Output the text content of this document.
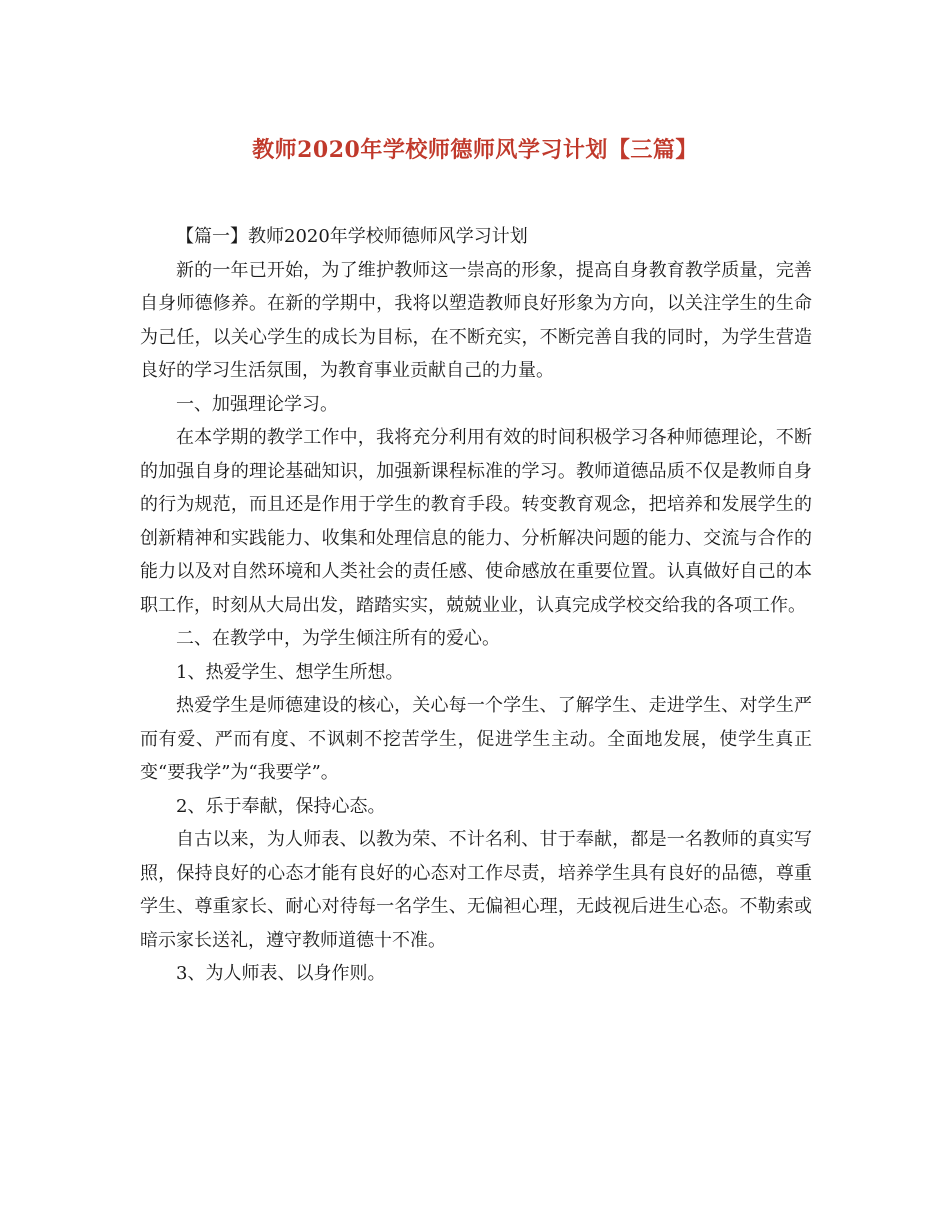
教师2020年学校师德师风学习计划【三篇】

【篇一】教师2020年学校师德师风学习计划

新的一年已开始，为了维护教师这一崇高的形象，提高自身教育教学质量，完善自身师德修养。在新的学期中，我将以塑造教师良好形象为方向，以关注学生的生命为己任，以关心学生的成长为目标，在不断充实，不断完善自我的同时，为学生营造良好的学习生活氛围，为教育事业贡献自己的力量。

一、加强理论学习。

在本学期的教学工作中，我将充分利用有效的时间积极学习各种师德理论，不断的加强自身的理论基础知识，加强新课程标准的学习。教师道德品质不仅是教师自身的行为规范，而且还是作用于学生的教育手段。转变教育观念，把培养和发展学生的创新精神和实践能力、收集和处理信息的能力、分析解决问题的能力、交流与合作的能力以及对自然环境和人类社会的责任感、使命感放在重要位置。认真做好自己的本职工作，时刻从大局出发，踏踏实实，兢兢业业，认真完成学校交给我的各项工作。

二、在教学中，为学生倾注所有的爱心。

1、热爱学生、想学生所想。

热爱学生是师德建设的核心，关心每一个学生、了解学生、走进学生、对学生严而有爱、严而有度、不讽刺不挖苦学生，促进学生主动。全面地发展，使学生真正变“要我学”为“我要学”。

2、乐于奉献，保持心态。

自古以来，为人师表、以教为荣、不计名利、甘于奉献，都是一名教师的真实写照，保持良好的心态才能有良好的心态对工作尽责，培养学生具有良好的品德，尊重学生、尊重家长、耐心对待每一名学生、无偏袒心理，无歧视后进生心态。不勒索或暗示家长送礼，遵守教师道德十不准。

3、为人师表、以身作则。
